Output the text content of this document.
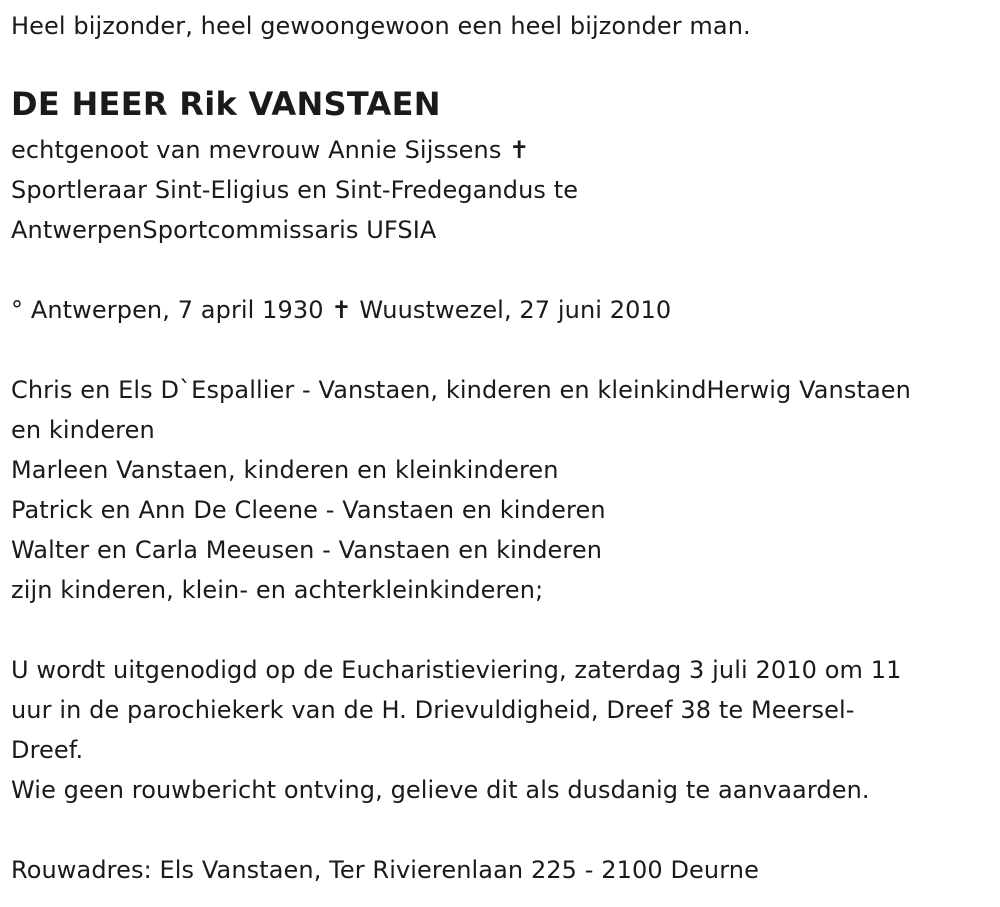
Heel bijzonder, heel gewoongewoon een heel bijzonder man.
DE HEER Rik VANSTAEN
echtgenoot van mevrouw Annie Sijssens ✝
Sportleraar Sint-Eligius en Sint-Fredegandus te
AntwerpenSportcommissaris UFSIA
° Antwerpen, 7 april 1930 ✝ Wuustwezel, 27 juni 2010
Chris en Els D`Espallier - Vanstaen, kinderen en kleinkindHerwig Vanstaen
en kinderen
Marleen Vanstaen, kinderen en kleinkinderen
Patrick en Ann De Cleene - Vanstaen en kinderen
Walter en Carla Meeusen - Vanstaen en kinderen
zijn kinderen, klein- en achterkleinkinderen;
U wordt uitgenodigd op de Eucharistieviering, zaterdag 3 juli 2010 om 11
uur in de parochiekerk van de H. Drievuldigheid, Dreef 38 te Meersel-
Dreef.
Wie geen rouwbericht ontving, gelieve dit als dusdanig te aanvaarden.
Rouwadres: Els Vanstaen, Ter Rivierenlaan 225 - 2100 Deurne
